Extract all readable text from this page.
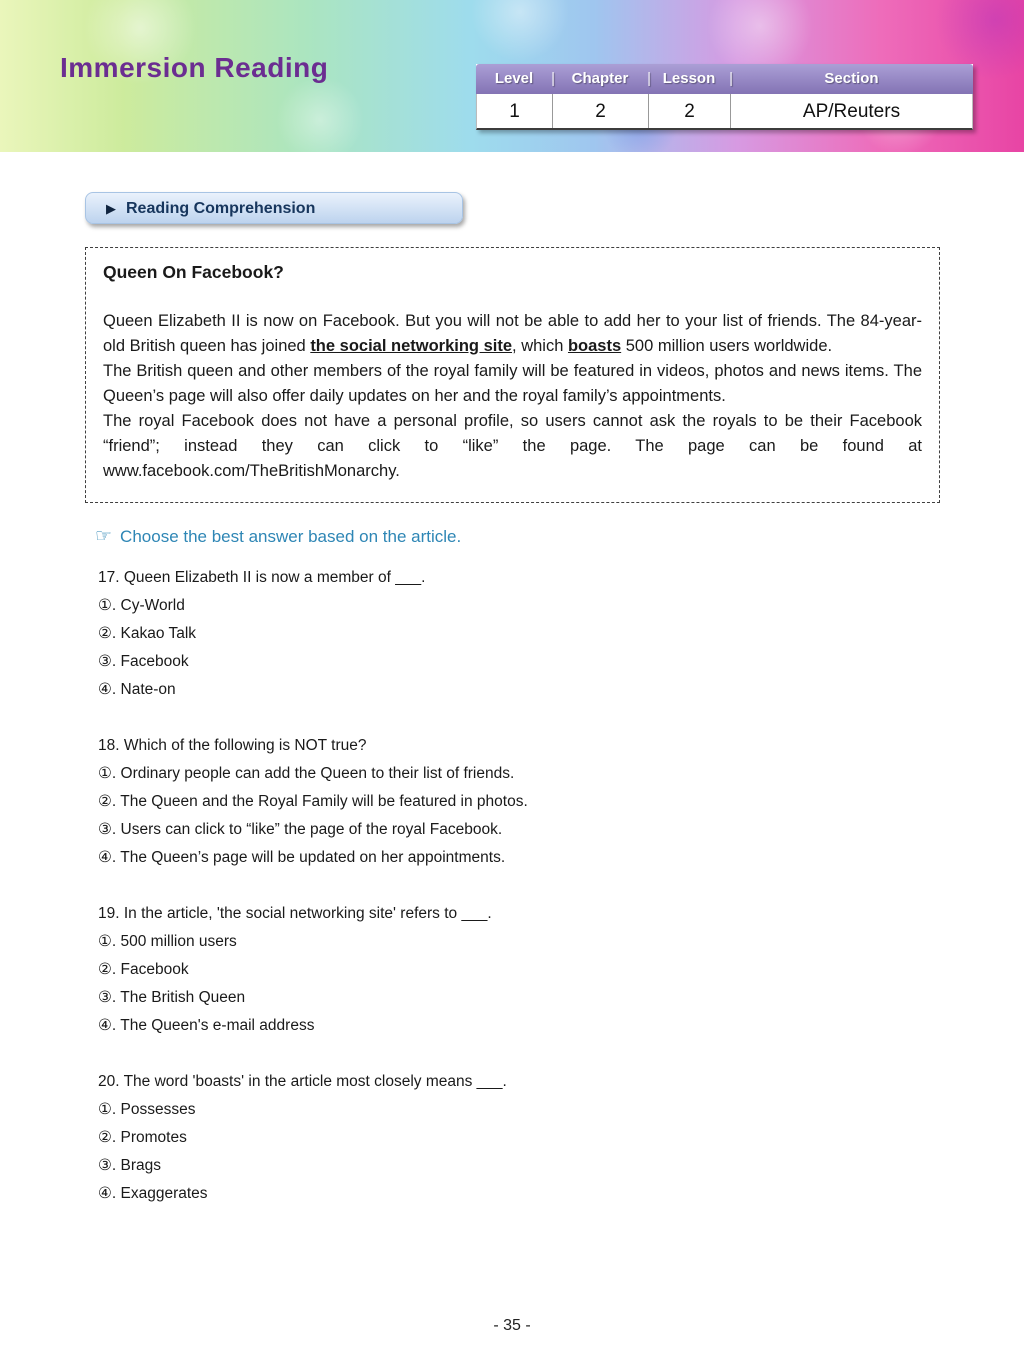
Immersion Reading	Level |	Chapter |	Lesson |	Section
1	2	2	AP/Reuters
▶ Reading Comprehension
Queen On Facebook?

Queen Elizabeth II is now on Facebook. But you will not be able to add her to your list of friends. The 84-year-old British queen has joined the social networking site, which boasts 500 million users worldwide.

The British queen and other members of the royal family will be featured in videos, photos and news items. The Queen’s page will also offer daily updates on her and the royal family’s appointments.

The royal Facebook does not have a personal profile, so users cannot ask the royals to be their Facebook “friend”; instead they can click to “like” the page. The page can be found at www.facebook.com/TheBritishMonarchy.

☞ Choose the best answer based on the article.
17. Queen Elizabeth II is now a member of ___.
①. Cy-World
②. Kakao Talk
③. Facebook
④. Nate-on
18. Which of the following is NOT true?
①. Ordinary people can add the Queen to their list of friends.
②. The Queen and the Royal Family will be featured in photos.
③. Users can click to “like” the page of the royal Facebook.
④. The Queen’s page will be updated on her appointments.
19. In the article, 'the social networking site' refers to ___.
①. 500 million users
②. Facebook
③. The British Queen
④. The Queen's e-mail address
20. The word 'boasts' in the article most closely means ___.
①. Possesses
②. Promotes
③. Brags
④. Exaggerates
- 35 -
